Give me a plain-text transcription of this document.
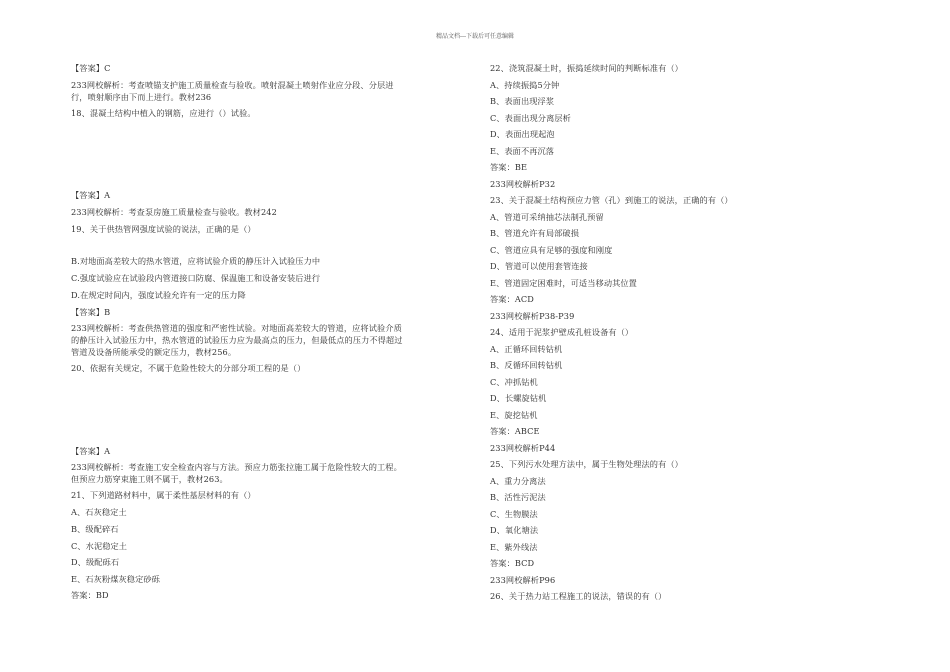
精品文档---下载后可任意编辑
【答案】C
233网校解析：考查喷锚支护施工质量检查与验收。喷射混凝土喷射作业应分段、分层进
行，喷射顺序由下而上进行。教材236
18、混凝土结构中植入的钢筋，应进行（）试验。
【答案】A
233网校解析：考查泵房施工质量检查与验收。教材242
19、关于供热管网强度试验的说法，正确的是（）
B.对地面高差较大的热水管道，应将试验介质的静压计入试验压力中
C.强度试验应在试验段内管道接口防腐、保温施工和设备安装后进行
D.在规定时间内，强度试验允许有一定的压力降
【答案】B
233网校解析：考查供热管道的强度和严密性试验。对地面高差较大的管道，应将试验介质
的静压计入试验压力中，热水管道的试验压力应为最高点的压力，但最低点的压力不得超过
管道及设备所能承受的额定压力，教材256。
20、依据有关规定，不属于危险性较大的分部分项工程的是（）
【答案】A
233网校解析：考查施工安全检查内容与方法。预应力筋张拉施工属于危险性较大的工程。
但预应力筋穿束施工则不属于，教材263。
21、下列道路材料中，属于柔性基层材料的有（）
A、石灰稳定土
B、级配碎石
C、水泥稳定土
D、级配砾石
E、石灰粉煤灰稳定砂砾
答案：BD
22、浇筑混凝土时，振捣延续时间的判断标准有（）
A、持续振捣5分钟
B、表面出现浮浆
C、表面出现分离层析
D、表面出现起泡
E、表面不再沉落
答案：BE
233网校解析P32
23、关于混凝土结构预应力管（孔）到施工的说法，正确的有（）
A、管道可采纳抽芯法制孔预留
B、管道允许有局部破损
C、管道应具有足够的强度和刚度
D、管道可以使用套管连接
E、管道固定困难时，可适当移动其位置
答案：ACD
233网校解析P38-P39
24、适用于泥浆护壁成孔桩设备有（）
A、正循环回转钻机
B、反循环回转钻机
C、冲抓钻机
D、长螺旋钻机
E、旋挖钻机
答案：ABCE
233网校解析P44
25、下列污水处理方法中，属于生物处理法的有（）
A、重力分离法
B、活性污泥法
C、生物膜法
D、氧化塘法
E、紫外线法
答案：BCD
233网校解析P96
26、关于热力站工程施工的说法，错误的有（）
